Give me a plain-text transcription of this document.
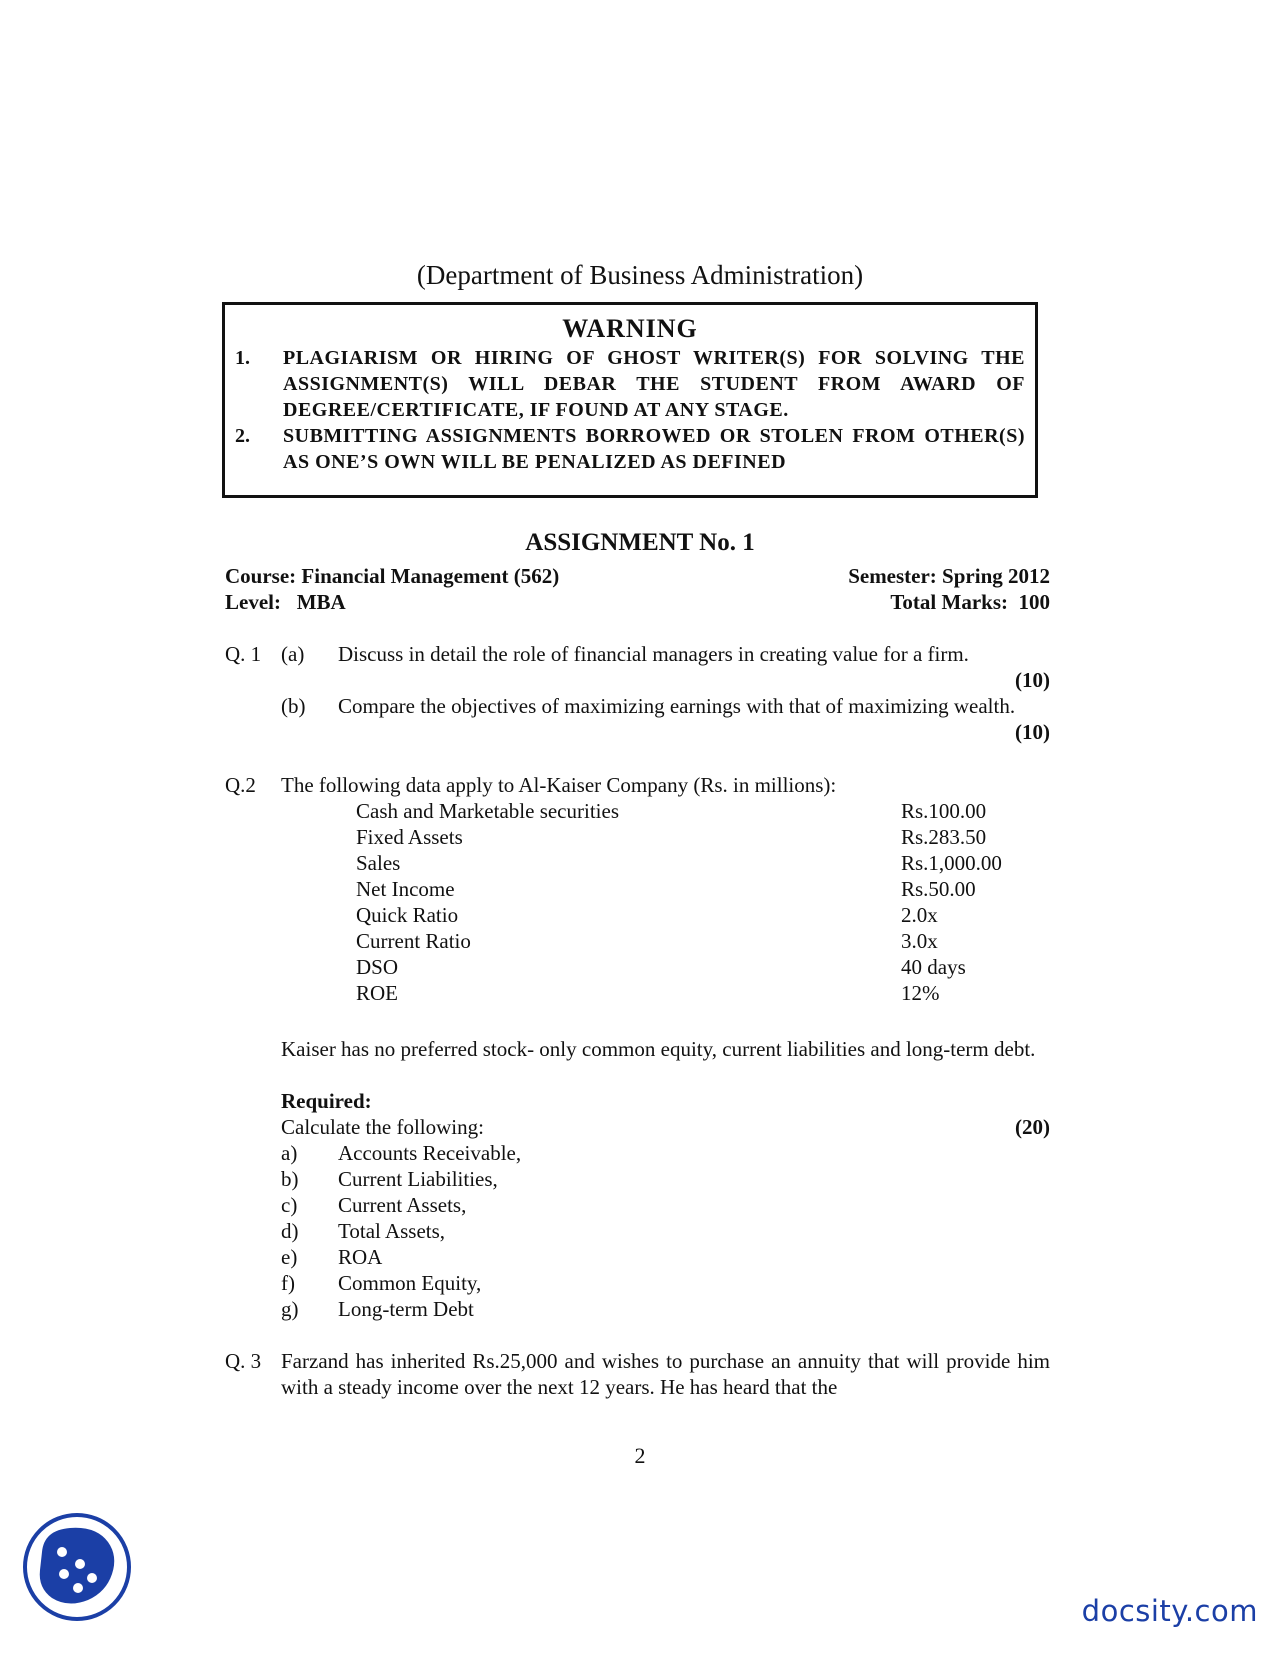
(Department of Business Administration)
WARNING
1. PLAGIARISM OR HIRING OF GHOST WRITER(S) FOR SOLVING THE ASSIGNMENT(S) WILL DEBAR THE STUDENT FROM AWARD OF DEGREE/CERTIFICATE, IF FOUND AT ANY STAGE.
2. SUBMITTING ASSIGNMENTS BORROWED OR STOLEN FROM OTHER(S) AS ONE’S OWN WILL BE PENALIZED AS DEFINED
ASSIGNMENT No. 1
Course: Financial Management (562)	Semester: Spring 2012
Level:   MBA	Total Marks:  100
Q. 1 (a) Discuss in detail the role of financial managers in creating value for a firm.
(10)
(b) Compare the objectives of maximizing earnings with that of maximizing wealth.
(10)
Q.2 The following data apply to Al-Kaiser Company (Rs. in millions):
Cash and Marketable securities	Rs.100.00
Fixed Assets	Rs.283.50
Sales	Rs.1,000.00
Net Income	Rs.50.00
Quick Ratio	2.0x
Current Ratio	3.0x
DSO	40 days
ROE	12%
Kaiser has no preferred stock- only common equity, current liabilities and long-term debt.
Required:
Calculate the following:	(20)
a) Accounts Receivable,
b) Current Liabilities,
c) Current Assets,
d) Total Assets,
e) ROA
f) Common Equity,
g) Long-term Debt
Q. 3 Farzand has inherited Rs.25,000 and wishes to purchase an annuity that will provide him with a steady income over the next 12 years. He has heard that the
2
docsity.com
